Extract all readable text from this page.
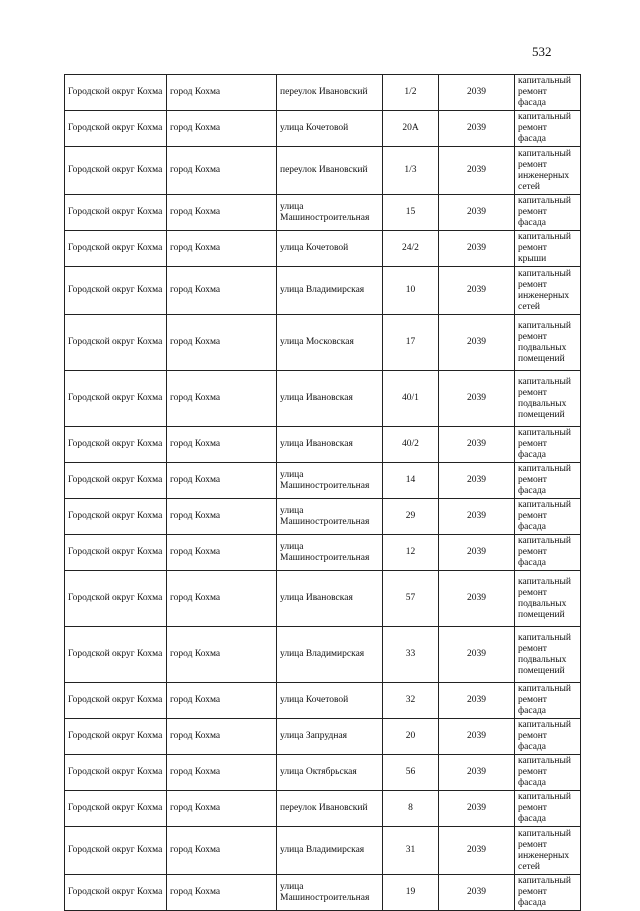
532
Городской округ Кохма	город Кохма	переулок Ивановский	1/2	2039	капитальный ремонт фасада
Городской округ Кохма	город Кохма	улица Кочетовой	20А	2039	капитальный ремонт фасада
Городской округ Кохма	город Кохма	переулок Ивановский	1/3	2039	капитальный ремонт инженерных сетей
Городской округ Кохма	город Кохма	улица Машиностроительная	15	2039	капитальный ремонт фасада
Городской округ Кохма	город Кохма	улица Кочетовой	24/2	2039	капитальный ремонт крыши
Городской округ Кохма	город Кохма	улица Владимирская	10	2039	капитальный ремонт инженерных сетей
Городской округ Кохма	город Кохма	улица Московская	17	2039	капитальный ремонт подвальных помещений
Городской округ Кохма	город Кохма	улица Ивановская	40/1	2039	капитальный ремонт подвальных помещений
Городской округ Кохма	город Кохма	улица Ивановская	40/2	2039	капитальный ремонт фасада
Городской округ Кохма	город Кохма	улица Машиностроительная	14	2039	капитальный ремонт фасада
Городской округ Кохма	город Кохма	улица Машиностроительная	29	2039	капитальный ремонт фасада
Городской округ Кохма	город Кохма	улица Машиностроительная	12	2039	капитальный ремонт фасада
Городской округ Кохма	город Кохма	улица Ивановская	57	2039	капитальный ремонт подвальных помещений
Городской округ Кохма	город Кохма	улица Владимирская	33	2039	капитальный ремонт подвальных помещений
Городской округ Кохма	город Кохма	улица Кочетовой	32	2039	капитальный ремонт фасада
Городской округ Кохма	город Кохма	улица Запрудная	20	2039	капитальный ремонт фасада
Городской округ Кохма	город Кохма	улица Октябрьская	56	2039	капитальный ремонт фасада
Городской округ Кохма	город Кохма	переулок Ивановский	8	2039	капитальный ремонт фасада
Городской округ Кохма	город Кохма	улица Владимирская	31	2039	капитальный ремонт инженерных сетей
Городской округ Кохма	город Кохма	улица Машиностроительная	19	2039	капитальный ремонт фасада
